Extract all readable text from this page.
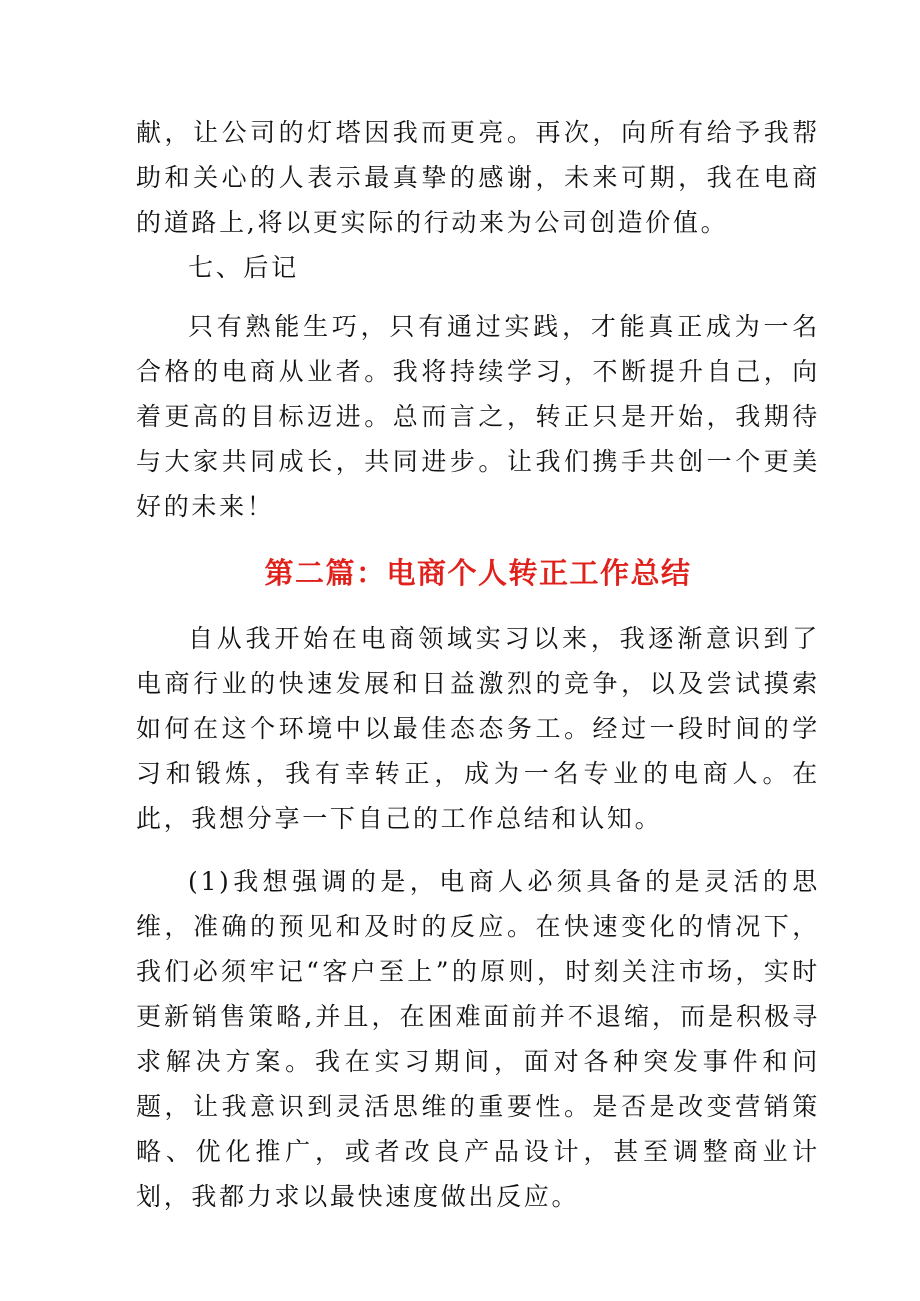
献，让公司的灯塔因我而更亮。再次，向所有给予我帮助和关心的人表示最真挚的感谢，未来可期，我在电商的道路上,将以更实际的行动来为公司创造价值。

七、后记

只有熟能生巧，只有通过实践，才能真正成为一名合格的电商从业者。我将持续学习，不断提升自己，向着更高的目标迈进。总而言之，转正只是开始，我期待与大家共同成长，共同进步。让我们携手共创一个更美好的未来！

第二篇：电商个人转正工作总结

自从我开始在电商领域实习以来，我逐渐意识到了电商行业的快速发展和日益激烈的竞争，以及尝试摸索如何在这个环境中以最佳态态务工。经过一段时间的学习和锻炼，我有幸转正，成为一名专业的电商人。在此，我想分享一下自己的工作总结和认知。

(1)我想强调的是，电商人必须具备的是灵活的思维，准确的预见和及时的反应。在快速变化的情况下，我们必须牢记“客户至上”的原则，时刻关注市场，实时更新销售策略,并且，在困难面前并不退缩，而是积极寻求解决方案。我在实习期间，面对各种突发事件和问题，让我意识到灵活思维的重要性。是否是改变营销策略、优化推广，或者改良产品设计，甚至调整商业计划，我都力求以最快速度做出反应。
